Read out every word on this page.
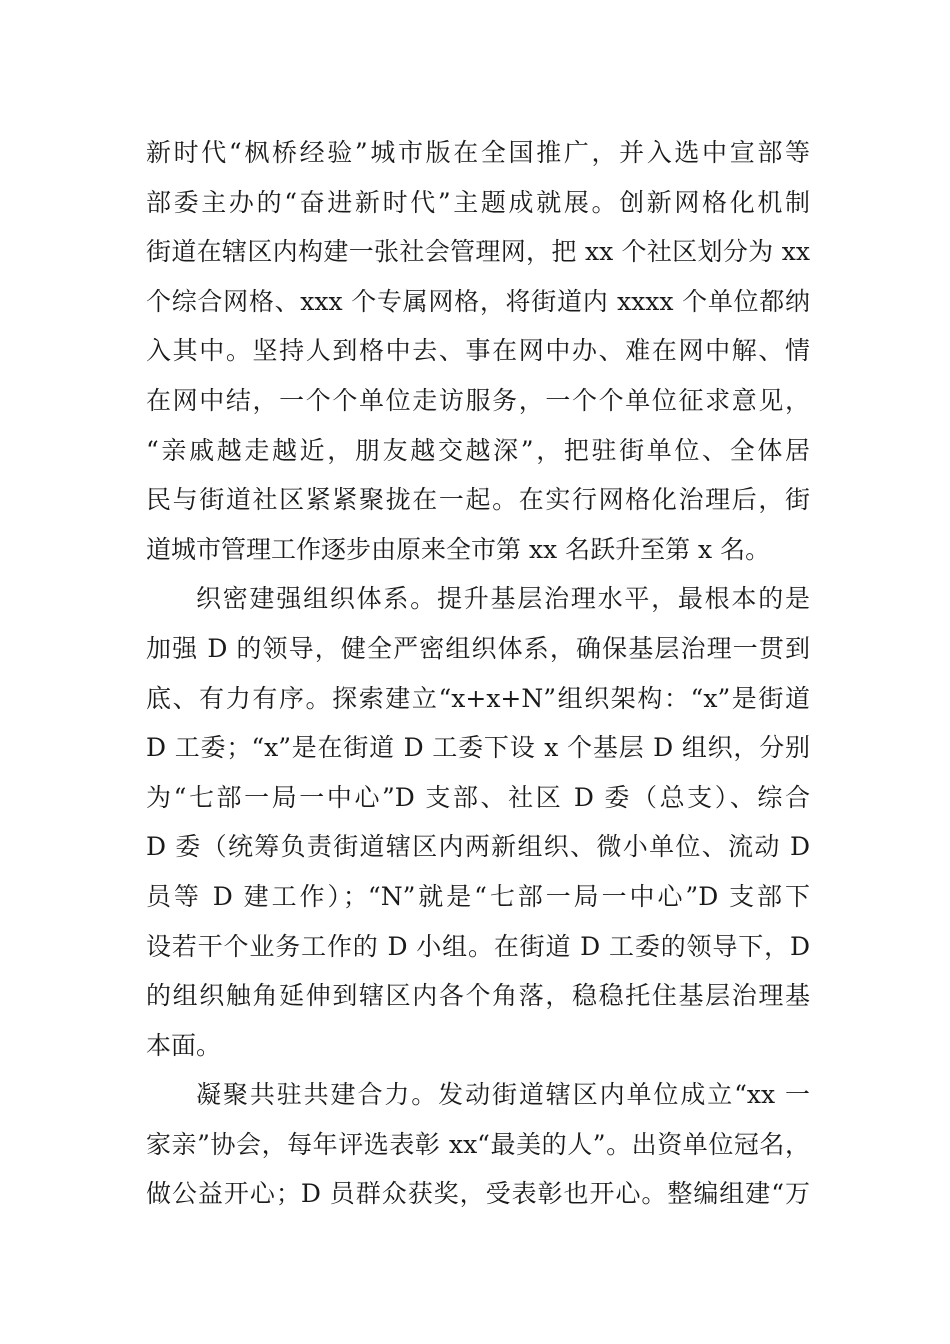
新时代“枫桥经验”城市版在全国推广，并入选中宣部等
部委主办的“奋进新时代”主题成就展。创新网格化机制
街道在辖区内构建一张社会管理网，把 xx 个社区划分为 xx
个综合网格、xxx 个专属网格，将街道内 xxxx 个单位都纳
入其中。坚持人到格中去、事在网中办、难在网中解、情
在网中结，一个个单位走访服务，一个个单位征求意见，
“亲戚越走越近，朋友越交越深”，把驻街单位、全体居
民与街道社区紧紧聚拢在一起。在实行网格化治理后，街
道城市管理工作逐步由原来全市第 xx 名跃升至第 x 名。
织密建强组织体系。提升基层治理水平，最根本的是
加强 D 的领导，健全严密组织体系，确保基层治理一贯到
底、有力有序。探索建立“x+x+N”组织架构：“x”是街道
D 工委；“x”是在街道 D 工委下设 x 个基层 D 组织，分别
为“七部一局一中心”D 支部、社区 D 委（总支）、综合
D 委（统筹负责街道辖区内两新组织、微小单位、流动 D
员等 D 建工作）；“N”就是“七部一局一中心”D 支部下
设若干个业务工作的 D 小组。在街道 D 工委的领导下，D
的组织触角延伸到辖区内各个角落，稳稳托住基层治理基
本面。
凝聚共驻共建合力。发动街道辖区内单位成立“xx 一
家亲”协会，每年评选表彰 xx“最美的人”。出资单位冠名，
做公益开心；D 员群众获奖，受表彰也开心。整编组建“万
